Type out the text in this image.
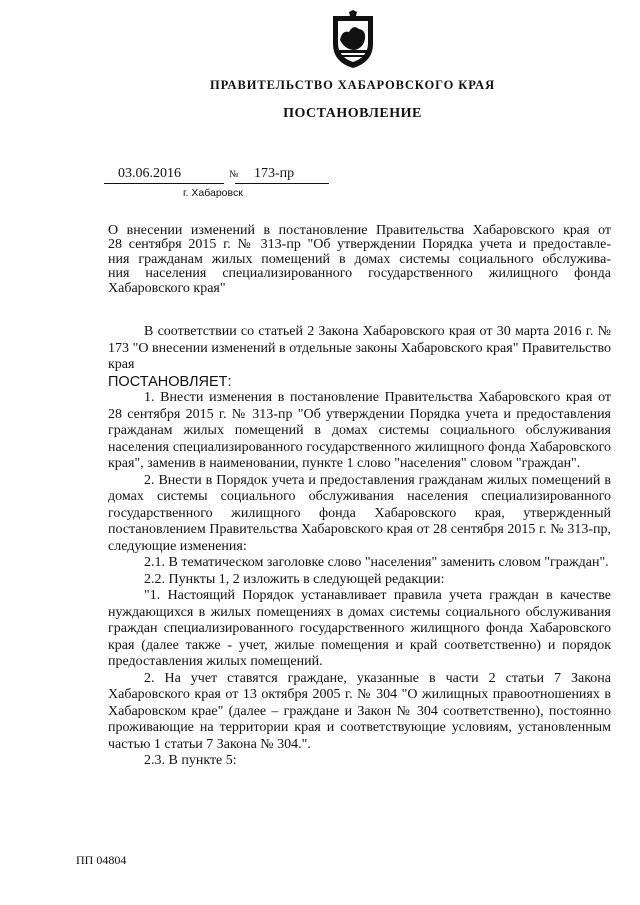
ПРАВИТЕЛЬСТВО ХАБАРОВСКОГО КРАЯ
ПОСТАНОВЛЕНИЕ
03.06.2016	№ 173-пр
г. Хабаровск
О внесении изменений в постановление Правительства Хабаровского края от
28 сентября 2015 г. № 313-пр "Об утверждении Порядка учета и предоставле-
ния гражданам жилых помещений в домах системы социального обслужива-
ния населения специализированного государственного жилищного фонда
Хабаровского края"

В соответствии со статьей 2 Закона Хабаровского края от 30 марта 2016 г. № 173 "О внесении изменений в отдельные законы Хабаровского края" Правительство края

ПОСТАНОВЛЯЕТ:

1. Внести изменения в постановление Правительства Хабаровского края от 28 сентября 2015 г. № 313-пр "Об утверждении Порядка учета и предоставления гражданам жилых помещений в домах системы социального обслуживания населения специализированного государственного жилищного фонда Хабаровского края", заменив в наименовании, пункте 1 слово "населения" словом "граждан".

2. Внести в Порядок учета и предоставления гражданам жилых помещений в домах системы социального обслуживания населения специализированного государственного жилищного фонда Хабаровского края, утвержденный постановлением Правительства Хабаровского края от 28 сентября 2015 г. № 313-пр, следующие изменения:

2.1. В тематическом заголовке слово "населения" заменить словом "граждан".

2.2. Пункты 1, 2 изложить в следующей редакции:

"1. Настоящий Порядок устанавливает правила учета граждан в качестве нуждающихся в жилых помещениях в домах системы социального обслуживания граждан специализированного государственного жилищного фонда Хабаровского края (далее также - учет, жилые помещения и край соответственно) и порядок предоставления жилых помещений.

2. На учет ставятся граждане, указанные в части 2 статьи 7 Закона Хабаровского края от 13 октября 2005 г. № 304 "О жилищных правоотношениях в Хабаровском крае" (далее – граждане и Закон № 304 соответственно), постоянно проживающие на территории края и соответствующие условиям, установленным частью 1 статьи 7 Закона № 304.".

2.3. В пункте 5:

ПП 04804
